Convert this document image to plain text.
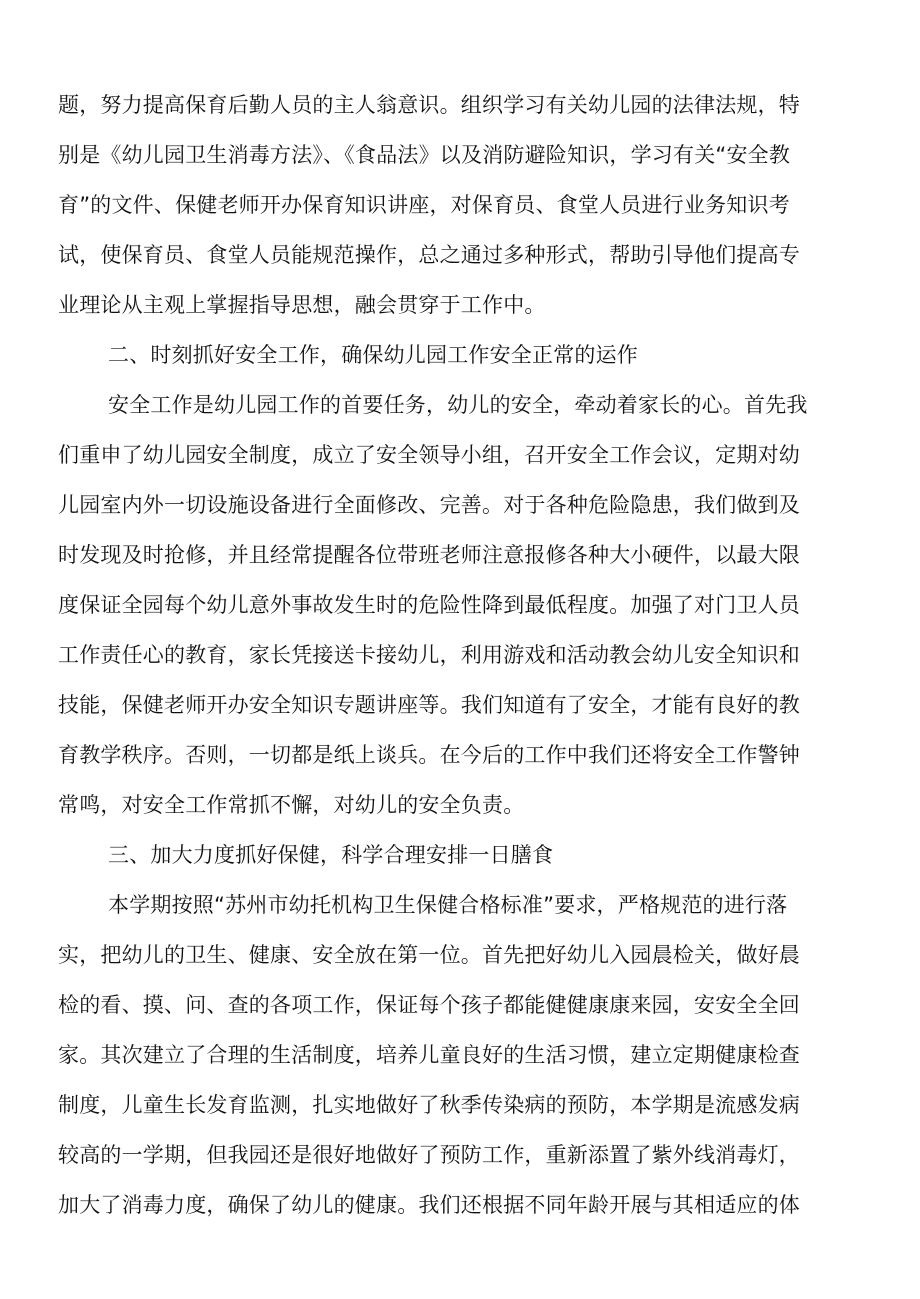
题，努力提高保育后勤人员的主人翁意识。组织学习有关幼儿园的法律法规，特
别是《幼儿园卫生消毒方法》、《食品法》以及消防避险知识，学习有关“安全教
育”的文件、保健老师开办保育知识讲座，对保育员、食堂人员进行业务知识考
试，使保育员、食堂人员能规范操作，总之通过多种形式，帮助引导他们提高专
业理论从主观上掌握指导思想，融会贯穿于工作中。
二、时刻抓好安全工作，确保幼儿园工作安全正常的运作
安全工作是幼儿园工作的首要任务，幼儿的安全，牵动着家长的心。首先我
们重申了幼儿园安全制度，成立了安全领导小组，召开安全工作会议，定期对幼
儿园室内外一切设施设备进行全面修改、完善。对于各种危险隐患，我们做到及
时发现及时抢修，并且经常提醒各位带班老师注意报修各种大小硬件，以最大限
度保证全园每个幼儿意外事故发生时的危险性降到最低程度。加强了对门卫人员
工作责任心的教育，家长凭接送卡接幼儿，利用游戏和活动教会幼儿安全知识和
技能，保健老师开办安全知识专题讲座等。我们知道有了安全，才能有良好的教
育教学秩序。否则，一切都是纸上谈兵。在今后的工作中我们还将安全工作警钟
常鸣，对安全工作常抓不懈，对幼儿的安全负责。
三、加大力度抓好保健，科学合理安排一日膳食
本学期按照“苏州市幼托机构卫生保健合格标准”要求，严格规范的进行落
实，把幼儿的卫生、健康、安全放在第一位。首先把好幼儿入园晨检关，做好晨
检的看、摸、问、查的各项工作，保证每个孩子都能健健康康来园，安安全全回
家。其次建立了合理的生活制度，培养儿童良好的生活习惯，建立定期健康检查
制度，儿童生长发育监测，扎实地做好了秋季传染病的预防，本学期是流感发病
较高的一学期，但我园还是很好地做好了预防工作，重新添置了紫外线消毒灯，
加大了消毒力度，确保了幼儿的健康。我们还根据不同年龄开展与其相适应的体
